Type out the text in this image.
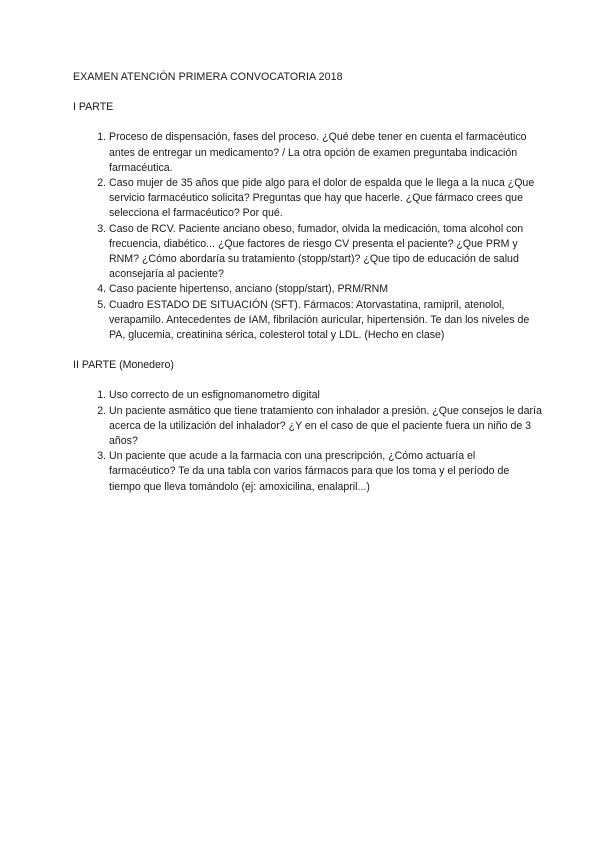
EXAMEN ATENCIÓN PRIMERA CONVOCATORIA 2018

I PARTE

1. Proceso de dispensación, fases del proceso. ¿Qué debe tener en cuenta el farmacéutico antes de entregar un medicamento? / La otra opción de examen preguntaba indicación farmacéutica.
2. Caso mujer de 35 años que pide algo para el dolor de espalda que le llega a la nuca ¿Que servicio farmacéutico solicita? Preguntas que hay que hacerle. ¿Que fármaco crees que selecciona el farmacéutico? Por qué.
3. Caso de RCV. Paciente anciano obeso, fumador, olvida la medicación, toma alcohol con frecuencia, diabético... ¿Que factores de riesgo CV presenta el paciente? ¿Que PRM y RNM? ¿Cómo abordaría su tratamiento (stopp/start)? ¿Que tipo de educación de salud aconsejaría al paciente?
4. Caso paciente hipertenso, anciano (stopp/start), PRM/RNM
5. Cuadro ESTADO DE SITUACIÓN (SFT). Fármacos: Atorvastatina, ramipril, atenolol, verapamilo. Antecedentes de IAM, fibrilación auricular, hipertensión. Te dan los niveles de PA, glucemia, creatinina sérica, colesterol total y LDL. (Hecho en clase)

II PARTE (Monedero)

1. Uso correcto de un esfignomanometro digital
2. Un paciente asmático que tiene tratamiento con inhalador a presión. ¿Que consejos le daría acerca de la utilización del inhalador? ¿Y en el caso de que el paciente fuera un niño de 3 años?
3. Un paciente que acude a la farmacia con una prescripción, ¿Cómo actuaría el farmacéutico? Te da una tabla con varios fármacos para que los toma y el período de tiempo que lleva tomándolo (ej: amoxicilina, enalapril...)
